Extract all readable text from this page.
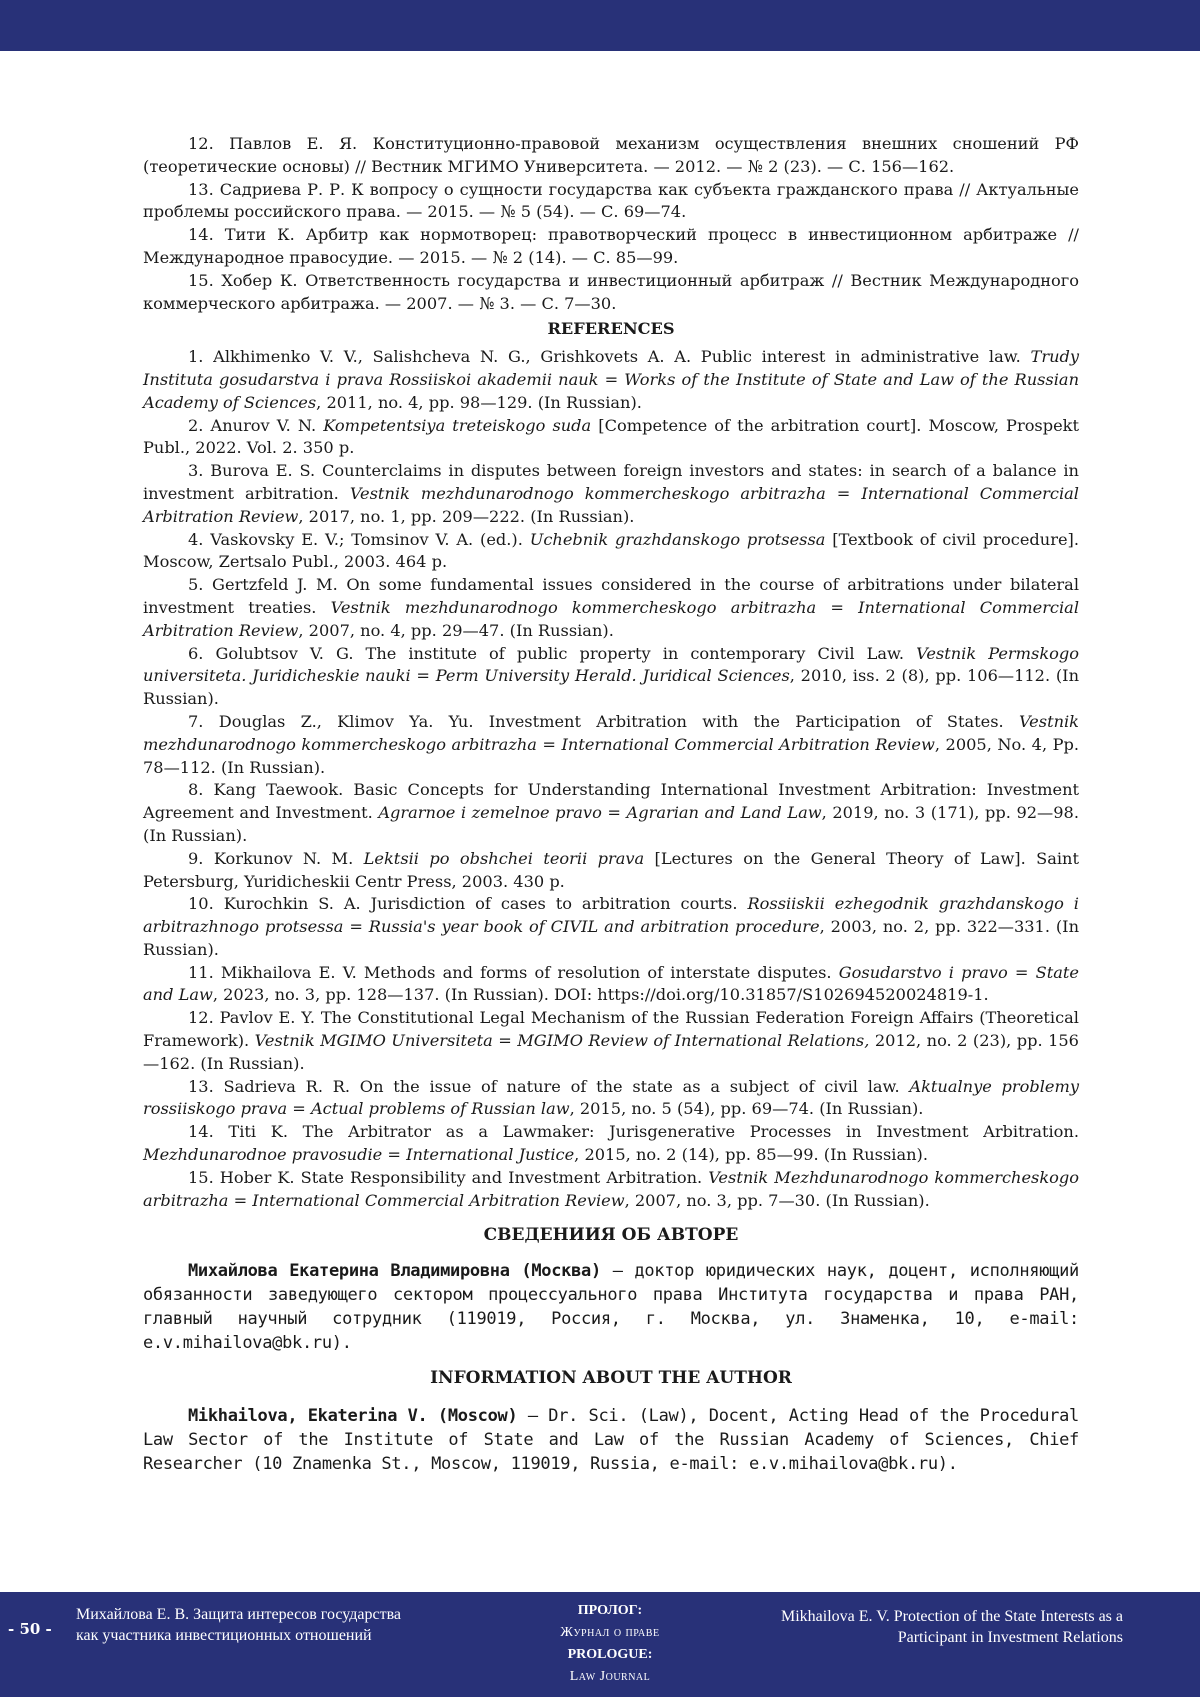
12. Павлов Е. Я. Конституционно-правовой механизм осуществления внешних сношений РФ (теоретические основы) // Вестник МГИМО Университета. — 2012. — № 2 (23). — С. 156—162.

13. Садриева Р. Р. К вопросу о сущности государства как субъекта гражданского права // Актуальные проблемы российского права. — 2015. — № 5 (54). — С. 69—74.

14. Тити К. Арбитр как нормотворец: правотворческий процесс в инвестиционном арбитраже // Международное правосудие. — 2015. — № 2 (14). — С. 85—99.

15. Хобер К. Ответственность государства и инвестиционный арбитраж // Вестник Международного коммерческого арбитража. — 2007. — № 3. — С. 7—30.

REFERENCES

1. Alkhimenko V. V., Salishcheva N. G., Grishkovets A. A. Public interest in administrative law. Trudy Instituta gosudarstva i prava Rossiiskoi akademii nauk = Works of the Institute of State and Law of the Russian Academy of Sciences, 2011, no. 4, pp. 98—129. (In Russian).

2. Anurov V. N. Kompetentsiya treteiskogo suda [Competence of the arbitration court]. Moscow, Prospekt Publ., 2022. Vol. 2. 350 p.

3. Burova E. S. Counterclaims in disputes between foreign investors and states: in search of a balance in investment arbitration. Vestnik mezhdunarodnogo kommercheskogo arbitrazha = International Commercial Arbitration Review, 2017, no. 1, pp. 209—222. (In Russian).

4. Vaskovsky E. V.; Tomsinov V. A. (ed.). Uchebnik grazhdanskogo protsessa [Textbook of civil procedure]. Moscow, Zertsalo Publ., 2003. 464 p.

5. Gertzfeld J. M. On some fundamental issues considered in the course of arbitrations under bilateral investment treaties. Vestnik mezhdunarodnogo kommercheskogo arbitrazha = International Commercial Arbitration Review, 2007, no. 4, pp. 29—47. (In Russian).

6. Golubtsov V. G. The institute of public property in contemporary Civil Law. Vestnik Permskogo universiteta. Juridicheskie nauki = Perm University Herald. Juridical Sciences, 2010, iss. 2 (8), pp. 106—112. (In Russian).

7. Douglas Z., Klimov Ya. Yu. Investment Arbitration with the Participation of States. Vestnik mezhdunarodnogo kommercheskogo arbitrazha = International Commercial Arbitration Review, 2005, No. 4, Pp. 78—112. (In Russian).

8. Kang Taewook. Basic Concepts for Understanding International Investment Arbitration: Investment Agreement and Investment. Agrarnoe i zemelnoe pravo = Agrarian and Land Law, 2019, no. 3 (171), pp. 92—98. (In Russian).

9. Korkunov N. M. Lektsii po obshchei teorii prava [Lectures on the General Theory of Law]. Saint Petersburg, Yuridicheskii Centr Press, 2003. 430 p.

10. Kurochkin S. A. Jurisdiction of cases to arbitration courts. Rossiiskii ezhegodnik grazhdanskogo i arbitrazhnogo protsessa = Russia's year book of CIVIL and arbitration procedure, 2003, no. 2, pp. 322—331. (In Russian).

11. Mikhailova E. V. Methods and forms of resolution of interstate disputes. Gosudarstvo i pravo = State and Law, 2023, no. 3, pp. 128—137. (In Russian). DOI: https://doi.org/10.31857/S102694520024819-1.

12. Pavlov E. Y. The Constitutional Legal Mechanism of the Russian Federation Foreign Affairs (Theoretical Framework). Vestnik MGIMO Universiteta = MGIMO Review of International Relations, 2012, no. 2 (23), pp. 156—162. (In Russian).

13. Sadrieva R. R. On the issue of nature of the state as a subject of civil law. Aktualnye problemy rossiiskogo prava = Actual problems of Russian law, 2015, no. 5 (54), pp. 69—74. (In Russian).

14. Titi K. The Arbitrator as a Lawmaker: Jurisgenerative Processes in Investment Arbitration. Mezhdunarodnoe pravosudie = International Justice, 2015, no. 2 (14), pp. 85—99. (In Russian).

15. Hober K. State Responsibility and Investment Arbitration. Vestnik Mezhdunarodnogo kommercheskogo arbitrazha = International Commercial Arbitration Review, 2007, no. 3, pp. 7—30. (In Russian).

СВЕДЕНИИЯ ОБ АВТОРЕ

Михайлова Екатерина Владимировна (Москва) — доктор юридических наук, доцент, исполняющий обязанности заведующего сектором процессуального права Института государства и права РАН, главный научный сотрудник (119019, Россия, г. Москва, ул. Знаменка, 10, e-mail: e.v.mihailova@bk.ru).

INFORMATION ABOUT THE AUTHOR

Mikhailova, Ekaterina V. (Moscow) — Dr. Sci. (Law), Docent, Acting Head of the Procedural Law Sector of the Institute of State and Law of the Russian Academy of Sciences, Chief Researcher (10 Znamenka St., Moscow, 119019, Russia, e-mail: e.v.mihailova@bk.ru).

- 50 -
Михайлова Е. В. Защита интересов государства
как участника инвестиционных отношений
ПРОЛОГ:
Журнал о праве
PROLOGUE:
Law Journal
Mikhailova E. V. Protection of the State Interests as a
Participant in Investment Relations
